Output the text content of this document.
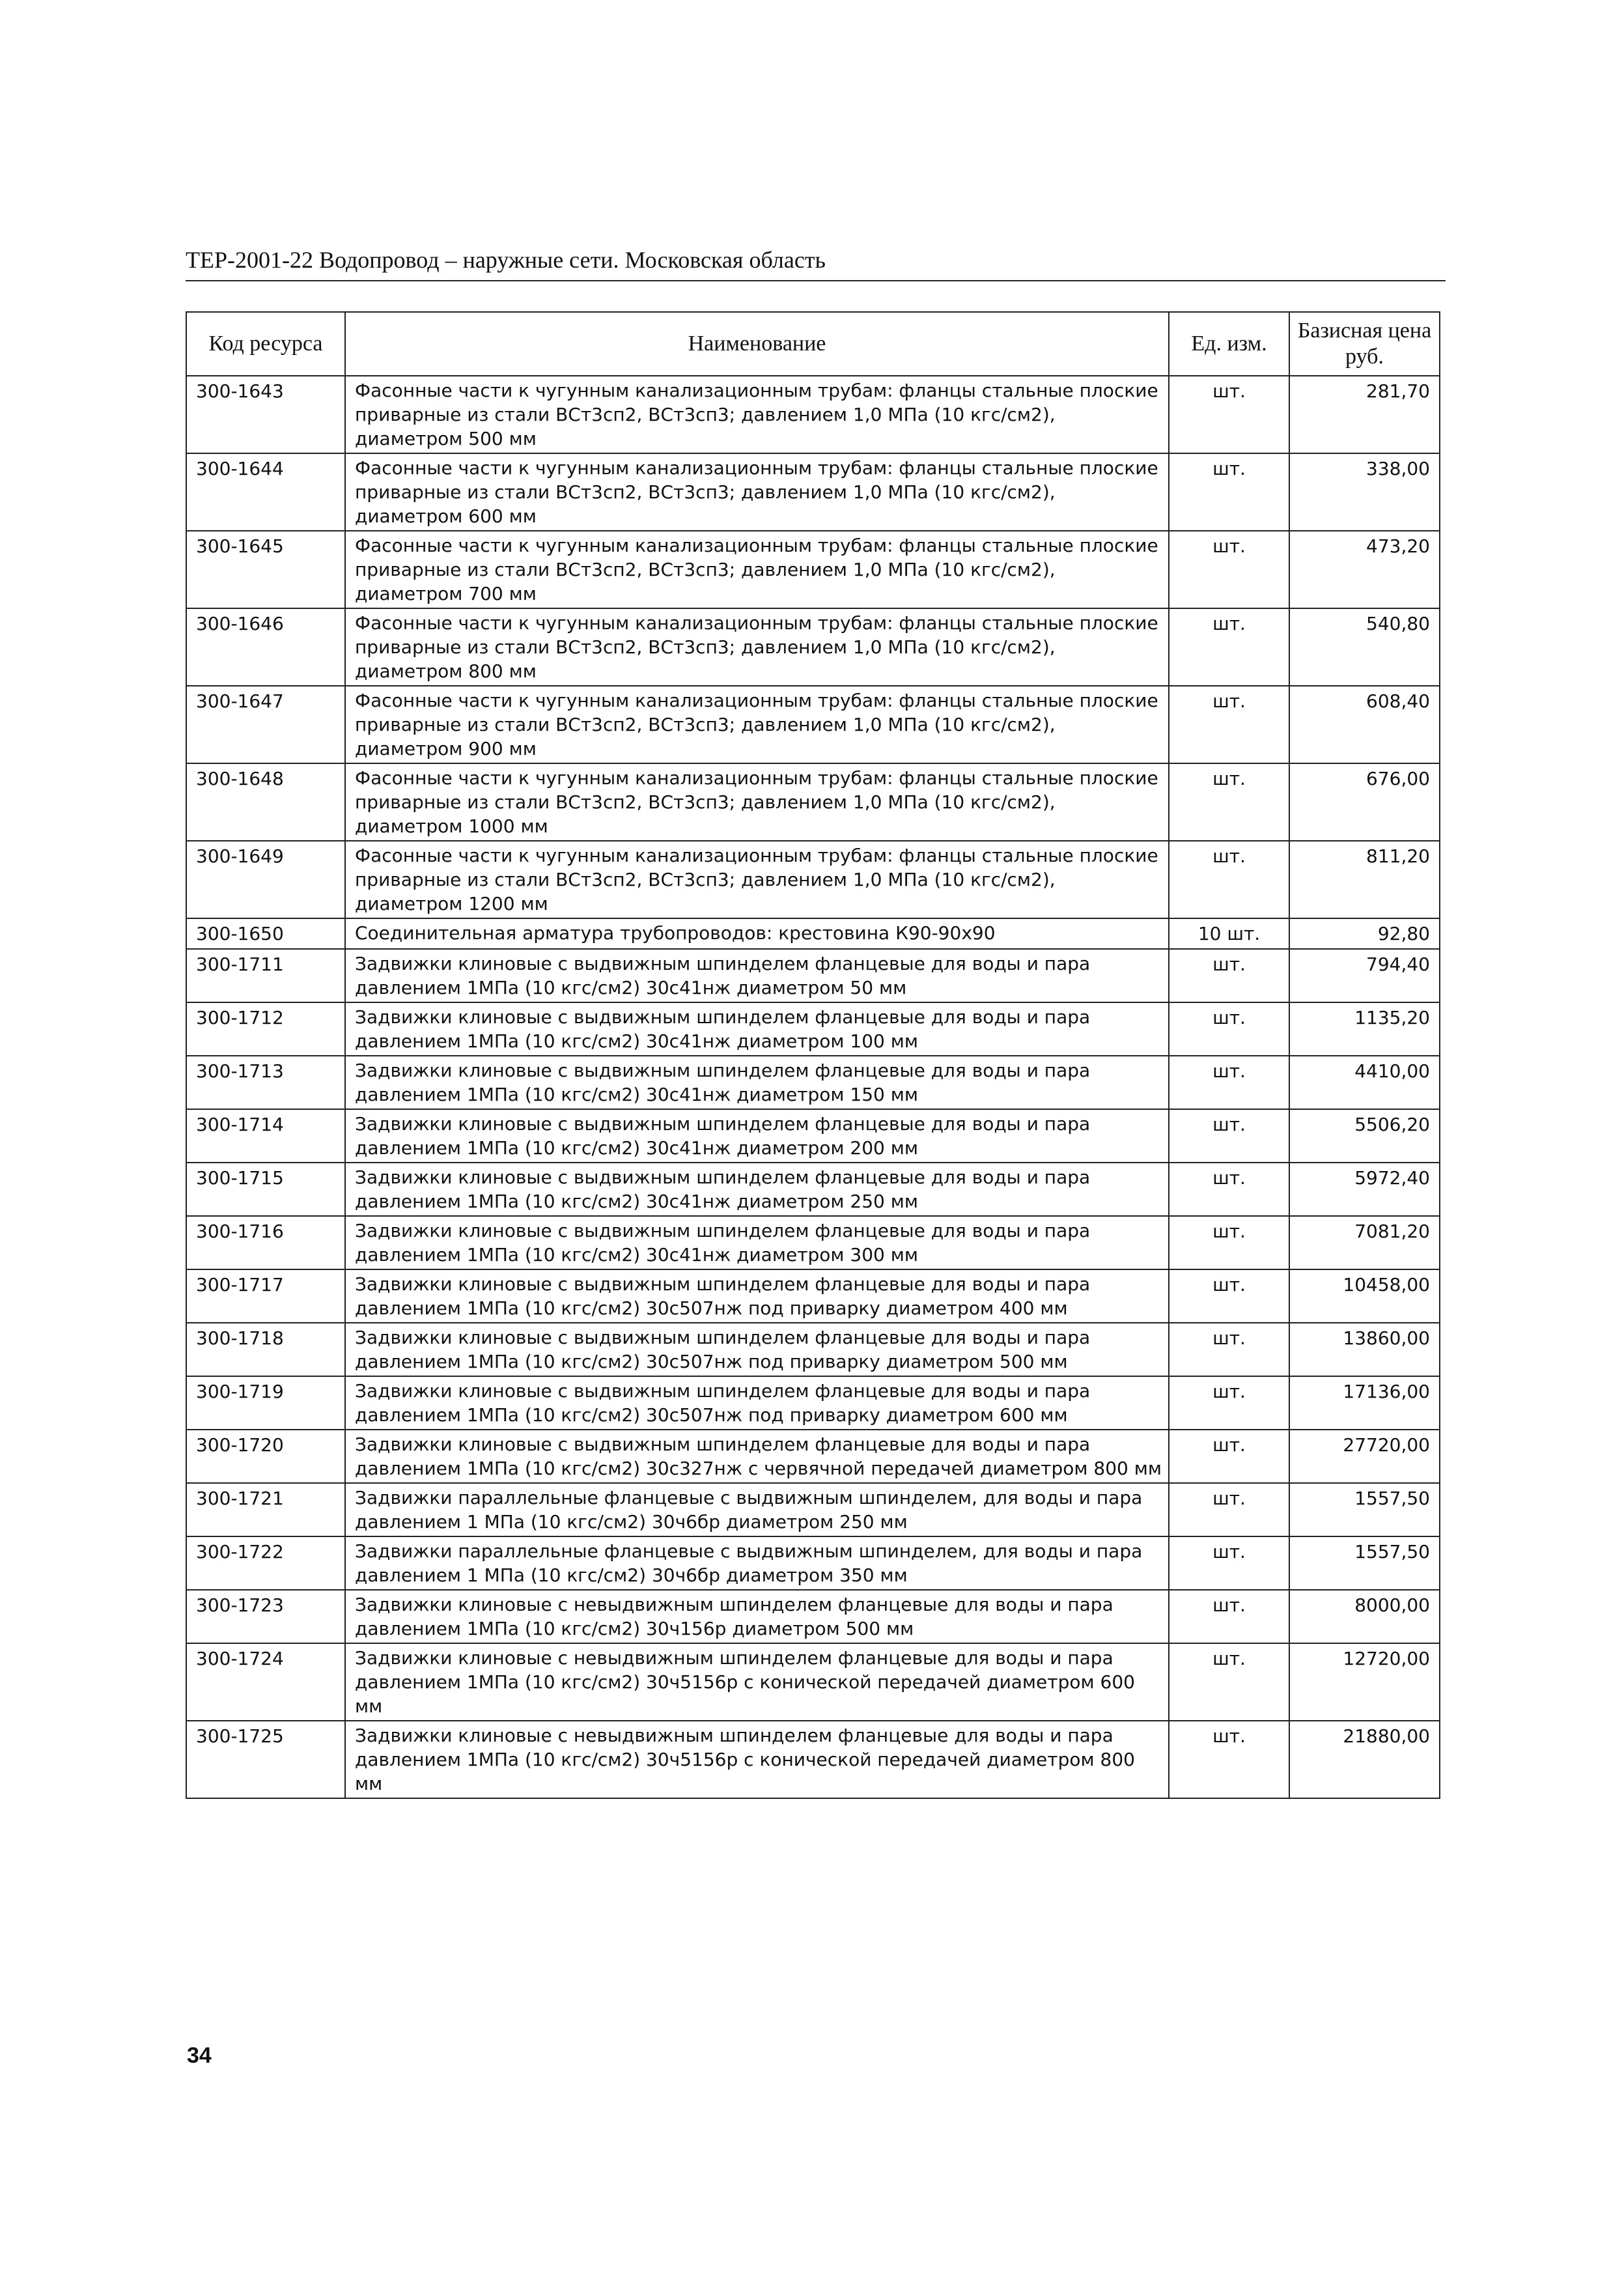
ТЕР-2001-22 Водопровод – наружные сети. Московская область
Код ресурса	Наименование	Ед. изм.	Базисная цена руб.
300-1643	Фасонные части к чугунным канализационным трубам: фланцы стальные плоские приварные из стали ВСт3сп2, ВСт3сп3; давлением 1,0 МПа (10 кгс/см2), диаметром 500 мм	шт.	281,70
300-1644	Фасонные части к чугунным канализационным трубам: фланцы стальные плоские приварные из стали ВСт3сп2, ВСт3сп3; давлением 1,0 МПа (10 кгс/см2), диаметром 600 мм	шт.	338,00
300-1645	Фасонные части к чугунным канализационным трубам: фланцы стальные плоские приварные из стали ВСт3сп2, ВСт3сп3; давлением 1,0 МПа (10 кгс/см2), диаметром 700 мм	шт.	473,20
300-1646	Фасонные части к чугунным канализационным трубам: фланцы стальные плоские приварные из стали ВСт3сп2, ВСт3сп3; давлением 1,0 МПа (10 кгс/см2), диаметром 800 мм	шт.	540,80
300-1647	Фасонные части к чугунным канализационным трубам: фланцы стальные плоские приварные из стали ВСт3сп2, ВСт3сп3; давлением 1,0 МПа (10 кгс/см2), диаметром 900 мм	шт.	608,40
300-1648	Фасонные части к чугунным канализационным трубам: фланцы стальные плоские приварные из стали ВСт3сп2, ВСт3сп3; давлением 1,0 МПа (10 кгс/см2), диаметром 1000 мм	шт.	676,00
300-1649	Фасонные части к чугунным канализационным трубам: фланцы стальные плоские приварные из стали ВСт3сп2, ВСт3сп3; давлением 1,0 МПа (10 кгс/см2), диаметром 1200 мм	шт.	811,20
300-1650	Соединительная арматура трубопроводов: крестовина К90-90х90	10 шт.	92,80
300-1711	Задвижки клиновые с выдвижным шпинделем фланцевые для воды и пара давлением 1МПа (10 кгс/см2) 30с41нж диаметром 50 мм	шт.	794,40
300-1712	Задвижки клиновые с выдвижным шпинделем фланцевые для воды и пара давлением 1МПа (10 кгс/см2) 30с41нж диаметром 100 мм	шт.	1135,20
300-1713	Задвижки клиновые с выдвижным шпинделем фланцевые для воды и пара давлением 1МПа (10 кгс/см2) 30с41нж диаметром 150 мм	шт.	4410,00
300-1714	Задвижки клиновые с выдвижным шпинделем фланцевые для воды и пара давлением 1МПа (10 кгс/см2) 30с41нж диаметром 200 мм	шт.	5506,20
300-1715	Задвижки клиновые с выдвижным шпинделем фланцевые для воды и пара давлением 1МПа (10 кгс/см2) 30с41нж диаметром 250 мм	шт.	5972,40
300-1716	Задвижки клиновые с выдвижным шпинделем фланцевые для воды и пара давлением 1МПа (10 кгс/см2) 30с41нж диаметром 300 мм	шт.	7081,20
300-1717	Задвижки клиновые с выдвижным шпинделем фланцевые для воды и пара давлением 1МПа (10 кгс/см2) 30с507нж под приварку диаметром 400 мм	шт.	10458,00
300-1718	Задвижки клиновые с выдвижным шпинделем фланцевые для воды и пара давлением 1МПа (10 кгс/см2) 30с507нж под приварку диаметром 500 мм	шт.	13860,00
300-1719	Задвижки клиновые с выдвижным шпинделем фланцевые для воды и пара давлением 1МПа (10 кгс/см2) 30с507нж под приварку диаметром 600 мм	шт.	17136,00
300-1720	Задвижки клиновые с выдвижным шпинделем фланцевые для воды и пара давлением 1МПа (10 кгс/см2) 30с327нж с червячной передачей диаметром 800 мм	шт.	27720,00
300-1721	Задвижки параллельные фланцевые с выдвижным шпинделем, для воды и пара давлением 1 МПа (10 кгс/см2) 30ч6бр диаметром 250 мм	шт.	1557,50
300-1722	Задвижки параллельные фланцевые с выдвижным шпинделем, для воды и пара давлением 1 МПа (10 кгс/см2) 30ч6бр диаметром 350 мм	шт.	1557,50
300-1723	Задвижки клиновые с невыдвижным шпинделем фланцевые для воды и пара давлением 1МПа (10 кгс/см2) 30ч156р диаметром 500 мм	шт.	8000,00
300-1724	Задвижки клиновые с невыдвижным шпинделем фланцевые для воды и пара давлением 1МПа (10 кгс/см2) 30ч5156р с конической передачей диаметром 600 мм	шт.	12720,00
300-1725	Задвижки клиновые с невыдвижным шпинделем фланцевые для воды и пара давлением 1МПа (10 кгс/см2) 30ч5156р с конической передачей диаметром 800 мм	шт.	21880,00
34
